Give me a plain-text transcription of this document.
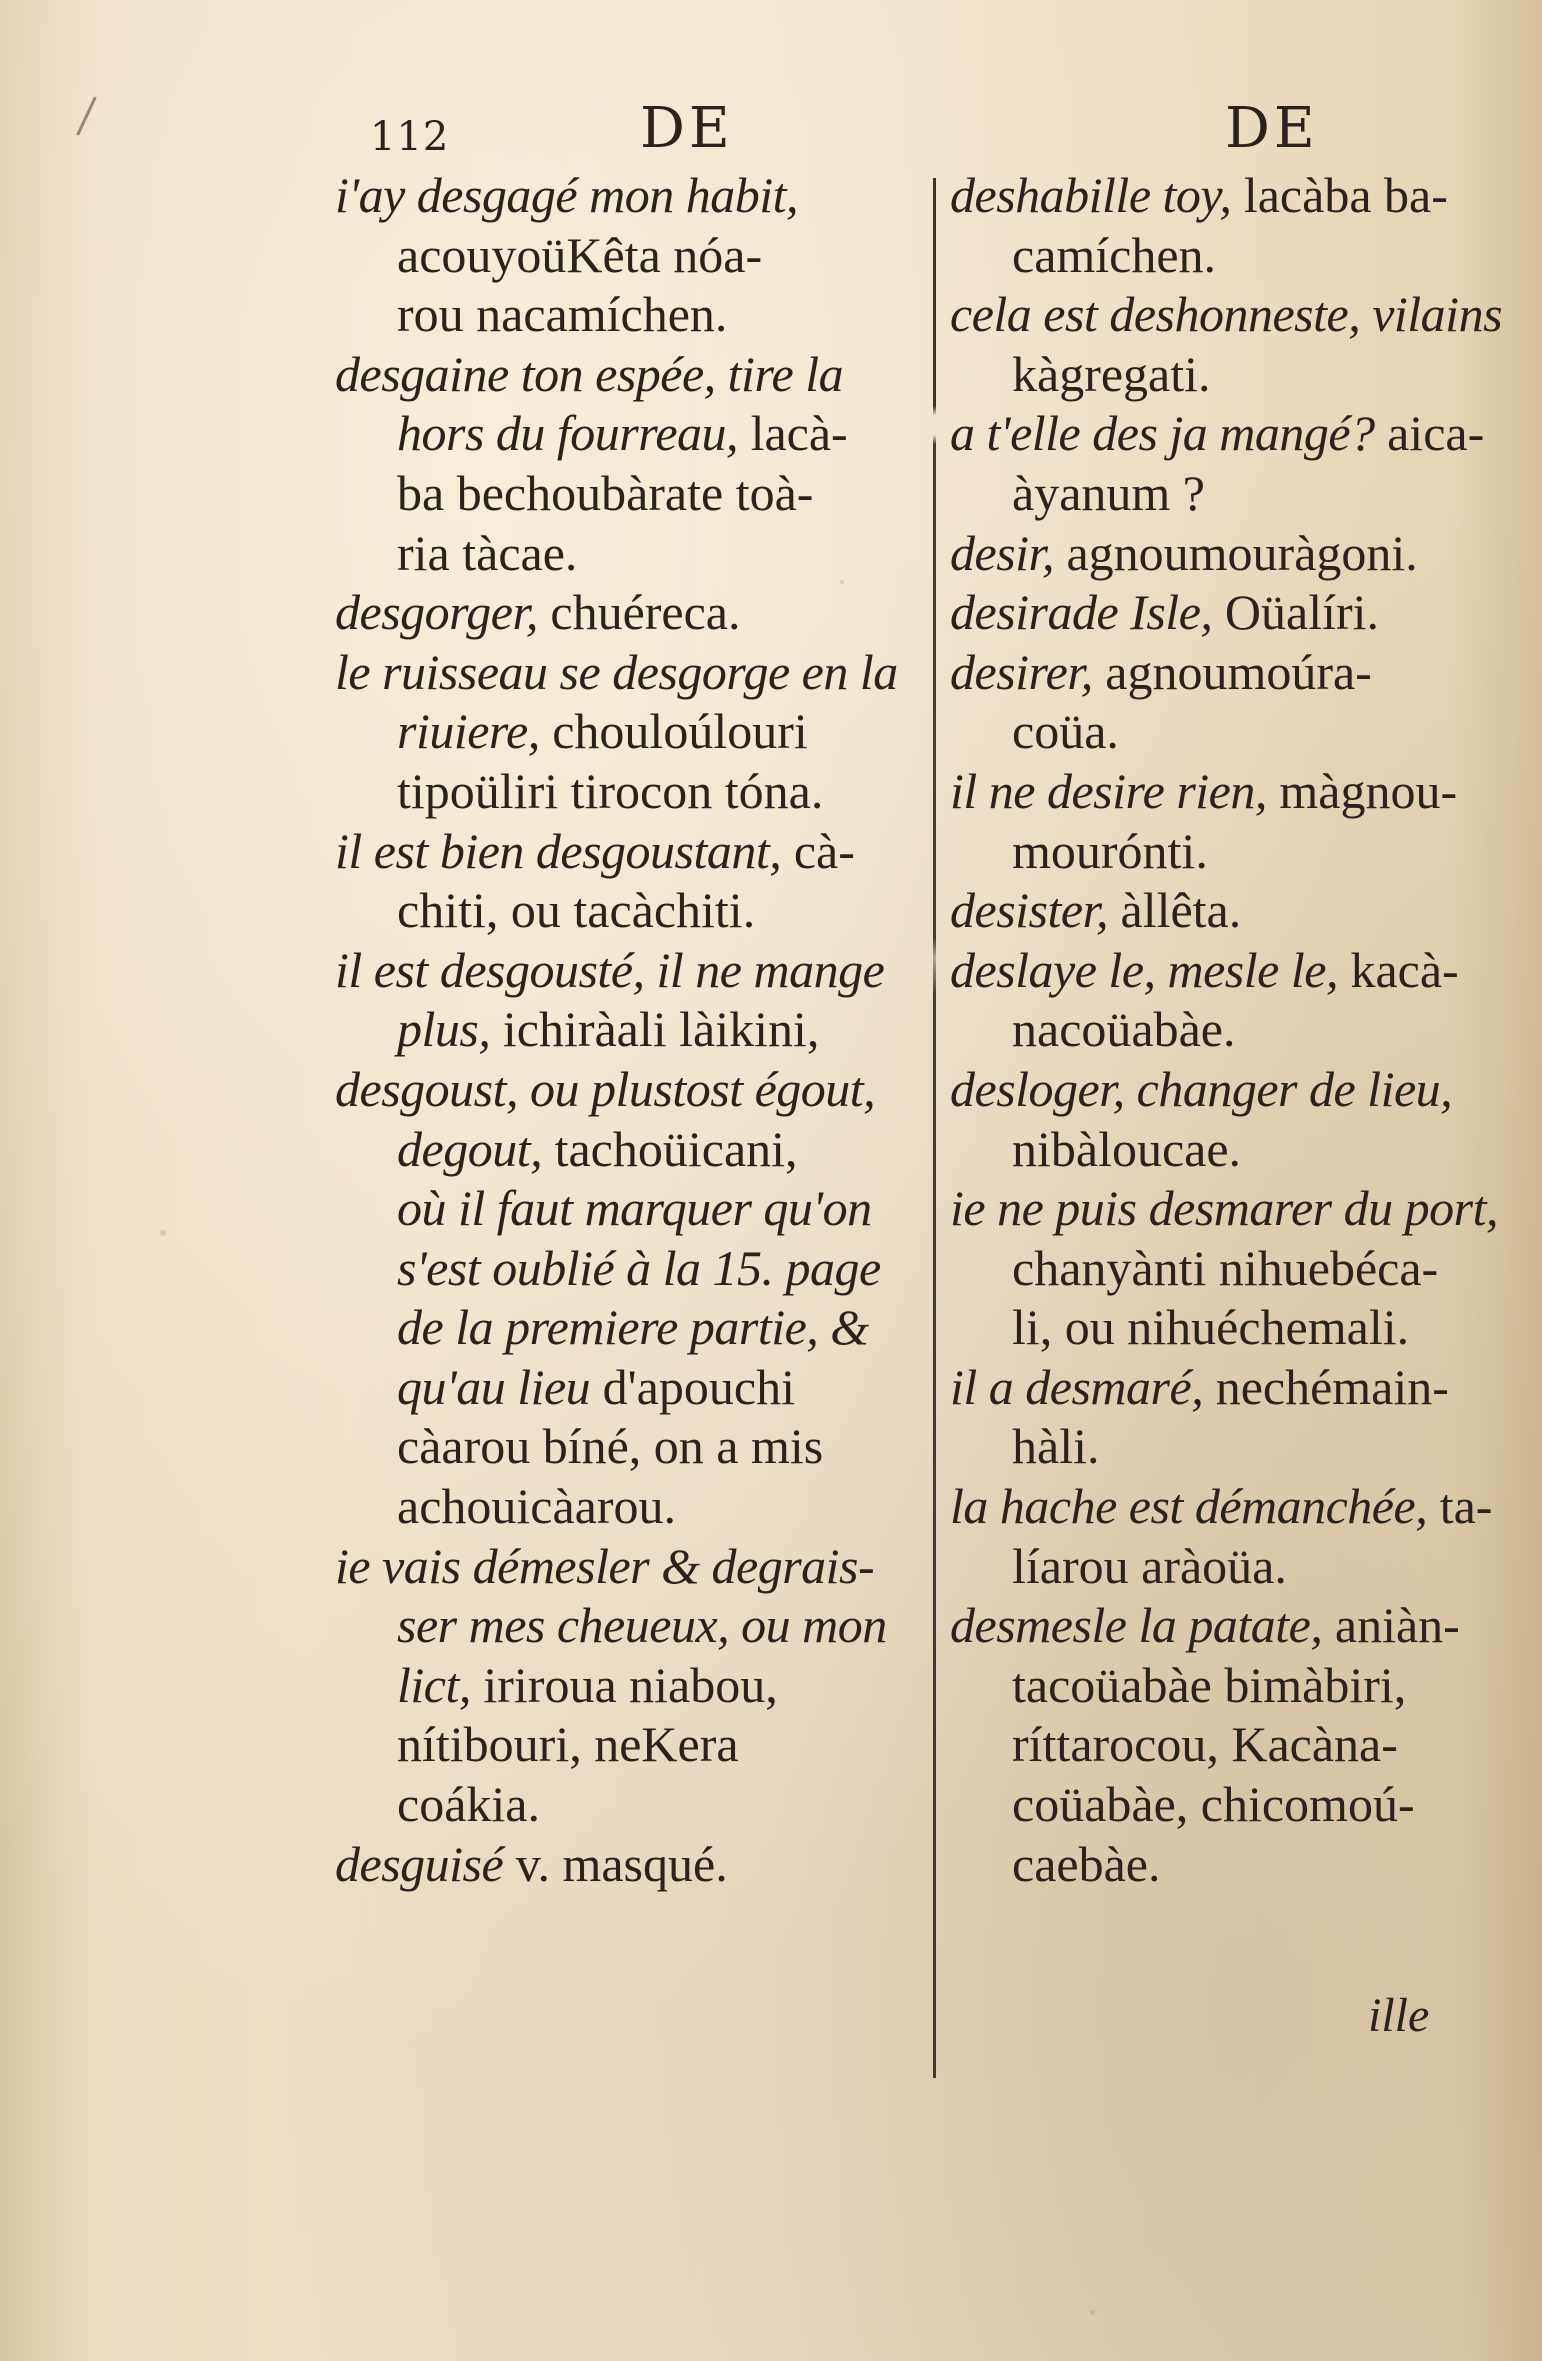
112	DE	DE
i'ay desgagé mon habit,
acouyoüKêta nóa-
rou nacamíchen.
desgaine ton espée, tire la
hors du fourreau, lacà-
ba bechoubàrate toà-
ria tàcae.
desgorger, chuéreca.
le ruisseau se desgorge en la
riuiere, chouloúlouri
tipoüliri tirocon tóna.
il est bien desgoustant, cà-
chiti, ou tacàchiti.
il est desgousté, il ne mange
plus, ichiràali làikini,
desgoust, ou plustost égout,
degout, tachoüicani,
où il faut marquer qu'on
s'est oublié à la 15. page
de la premiere partie, &
qu'au lieu d'apouchi
càarou bíné, on a mis
achouicàarou.
ie vais démesler & degrais-
ser mes cheueux, ou mon
lict, iriroua niabou,
nítibouri, neKera
coákia.
desguisé v. masqué.
deshabille toy, lacàba ba-
camíchen.
cela est deshonneste, vilains
kàgregati.
a t'elle des ja mangé? aica-
àyanum ?
desir, agnoumouràgoni.
desirade Isle, Oüalíri.
desirer, agnoumoúra-
coüa.
il ne desire rien, màgnou-
mourónti.
desister, àllêta.
deslaye le, mesle le, kacà-
nacoüabàe.
desloger, changer de lieu,
nibàloucae.
ie ne puis desmarer du port,
chanyànti nihuebéca-
li, ou nihuéchemali.
il a desmaré, nechémain-
hàli.
la hache est démanchée, ta-
líarou aràoüa.
desmesle la patate, aniàn-
tacoüabàe bimàbiri,
ríttarocou, Kacàna-
coüabàe, chicomoú-
caebàe.
ille
